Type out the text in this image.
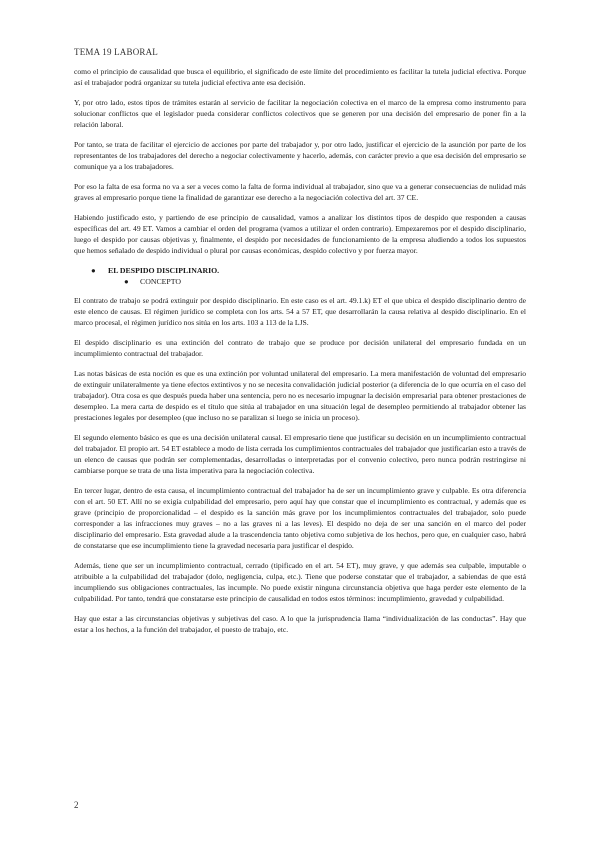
TEMA 19 LABORAL

como el principio de causalidad que busca el equilibrio, el significado de este límite del procedimiento es facilitar la tutela judicial efectiva. Porque así el trabajador podrá organizar su tutela judicial efectiva ante esa decisión.

Y, por otro lado, estos tipos de trámites estarán al servicio de facilitar la negociación colectiva en el marco de la empresa como instrumento para solucionar conflictos que el legislador pueda considerar conflictos colectivos que se generen por una decisión del empresario de poner fin a la relación laboral.

Por tanto, se trata de facilitar el ejercicio de acciones por parte del trabajador y, por otro lado, justificar el ejercicio de la asunción por parte de los representantes de los trabajadores del derecho a negociar colectivamente y hacerlo, además, con carácter previo a que esa decisión del empresario se comunique ya a los trabajadores.

Por eso la falta de esa forma no va a ser a veces como la falta de forma individual al trabajador, sino que va a generar consecuencias de nulidad más graves al empresario porque tiene la finalidad de garantizar ese derecho a la negociación colectiva del art. 37 CE.

Habiendo justificado esto, y partiendo de ese principio de causalidad, vamos a analizar los distintos tipos de despido que responden a causas específicas del art. 49 ET. Vamos a cambiar el orden del programa (vamos a utilizar el orden contrario). Empezaremos por el despido disciplinario, luego el despido por causas objetivas y, finalmente, el despido por necesidades de funcionamiento de la empresa aludiendo a todos los supuestos que hemos señalado de despido individual o plural por causas económicas, despido colectivo y por fuerza mayor.

● EL DESPIDO DISCIPLINARIO.
● CONCEPTO

El contrato de trabajo se podrá extinguir por despido disciplinario. En este caso es el art. 49.1.k) ET el que ubica el despido disciplinario dentro de este elenco de causas. El régimen jurídico se completa con los arts. 54 a 57 ET, que desarrollarán la causa relativa al despido disciplinario. En el marco procesal, el régimen jurídico nos sitúa en los arts. 103 a 113 de la LJS.

El despido disciplinario es una extinción del contrato de trabajo que se produce por decisión unilateral del empresario fundada en un incumplimiento contractual del trabajador.

Las notas básicas de esta noción es que es una extinción por voluntad unilateral del empresario. La mera manifestación de voluntad del empresario de extinguir unilateralmente ya tiene efectos extintivos y no se necesita convalidación judicial posterior (a diferencia de lo que ocurría en el caso del trabajador). Otra cosa es que después pueda haber una sentencia, pero no es necesario impugnar la decisión empresarial para obtener prestaciones de desempleo. La mera carta de despido es el título que sitúa al trabajador en una situación legal de desempleo permitiendo al trabajador obtener las prestaciones legales por desempleo (que incluso no se paralizan si luego se inicia un proceso).

El segundo elemento básico es que es una decisión unilateral causal. El empresario tiene que justificar su decisión en un incumplimiento contractual del trabajador. El propio art. 54 ET establece a modo de lista cerrada los cumplimientos contractuales del trabajador que justificarían esto a través de un elenco de causas que podrán ser complementadas, desarrolladas o interpretadas por el convenio colectivo, pero nunca podrán restringirse ni cambiarse porque se trata de una lista imperativa para la negociación colectiva.

En tercer lugar, dentro de esta causa, el incumplimiento contractual del trabajador ha de ser un incumplimiento grave y culpable. Es otra diferencia con el art. 50 ET. Allí no se exigía culpabilidad del empresario, pero aquí hay que constar que el incumplimiento es contractual, y además que es grave (principio de proporcionalidad – el despido es la sanción más grave por los incumplimientos contractuales del trabajador, solo puede corresponder a las infracciones muy graves – no a las graves ni a las leves). El despido no deja de ser una sanción en el marco del poder disciplinario del empresario. Esta gravedad alude a la trascendencia tanto objetiva como subjetiva de los hechos, pero que, en cualquier caso, habrá de constatarse que ese incumplimiento tiene la gravedad necesaria para justificar el despido.

Además, tiene que ser un incumplimiento contractual, cerrado (tipificado en el art. 54 ET), muy grave, y que además sea culpable, imputable o atribuible a la culpabilidad del trabajador (dolo, negligencia, culpa, etc.). Tiene que poderse constatar que el trabajador, a sabiendas de que está incumpliendo sus obligaciones contractuales, las incumple. No puede existir ninguna circunstancia objetiva que haga perder este elemento de la culpabilidad. Por tanto, tendrá que constatarse este principio de causalidad en todos estos términos: incumplimiento, gravedad y culpabilidad.

Hay que estar a las circunstancias objetivas y subjetivas del caso. A lo que la jurisprudencia llama “individualización de las conductas”. Hay que estar a los hechos, a la función del trabajador, el puesto de trabajo, etc.

2
